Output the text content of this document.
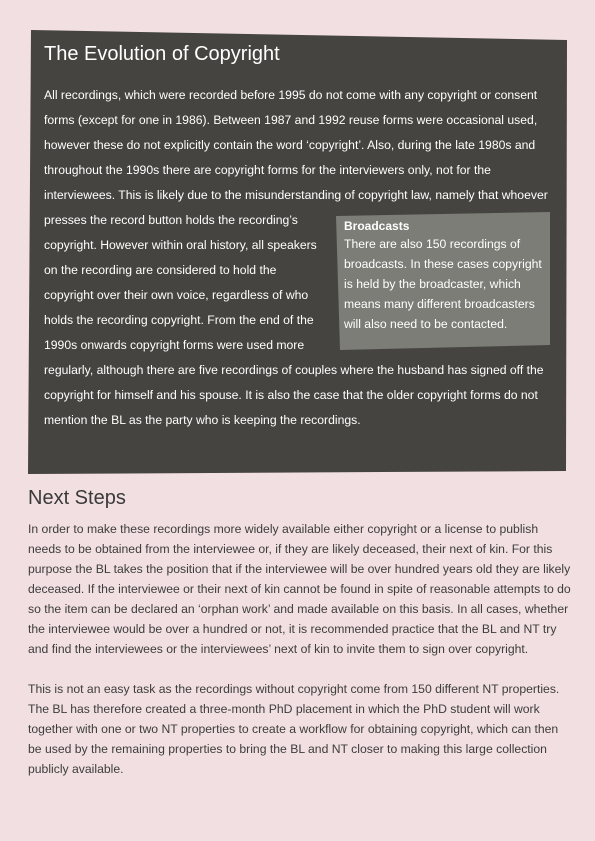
The Evolution of Copyright

All recordings, which were recorded before 1995 do not come with any copyright or consent forms (except for one in 1986). Between 1987 and 1992 reuse forms were occasional used, however these do not explicitly contain the word ‘copyright’. Also, during the late 1980s and throughout the 1990s there are copyright forms for the interviewers only, not for the interviewees. This is likely due to the misunderstanding of copyright law, namely that whoever

Broadcasts

There are also 150 recordings of broadcasts. In these cases copyright is held by the broadcaster, which means many different broadcasters will also need to be contacted.

presses the record button holds the recording’s copyright. However within oral history, all speakers on the recording are considered to hold the copyright over their own voice, regardless of who holds the recording copyright. From the end of the 1990s onwards copyright forms were used more regularly, although there are five recordings of couples where the husband has signed off the copyright for himself and his spouse. It is also the case that the older copyright forms do not mention the BL as the party who is keeping the recordings.

Next Steps

In order to make these recordings more widely available either copyright or a license to publish needs to be obtained from the interviewee or, if they are likely deceased, their next of kin. For this purpose the BL takes the position that if the interviewee will be over hundred years old they are likely deceased. If the interviewee or their next of kin cannot be found in spite of reasonable attempts to do so the item can be declared an ‘orphan work’ and made available on this basis. In all cases, whether the interviewee would be over a hundred or not, it is recommended practice that the BL and NT try and find the interviewees or the interviewees’ next of kin to invite them to sign over copyright.

This is not an easy task as the recordings without copyright come from 150 different NT properties. The BL has therefore created a three-month PhD placement in which the PhD student will work together with one or two NT properties to create a workflow for obtaining copyright, which can then be used by the remaining properties to bring the BL and NT closer to making this large collection publicly available.
